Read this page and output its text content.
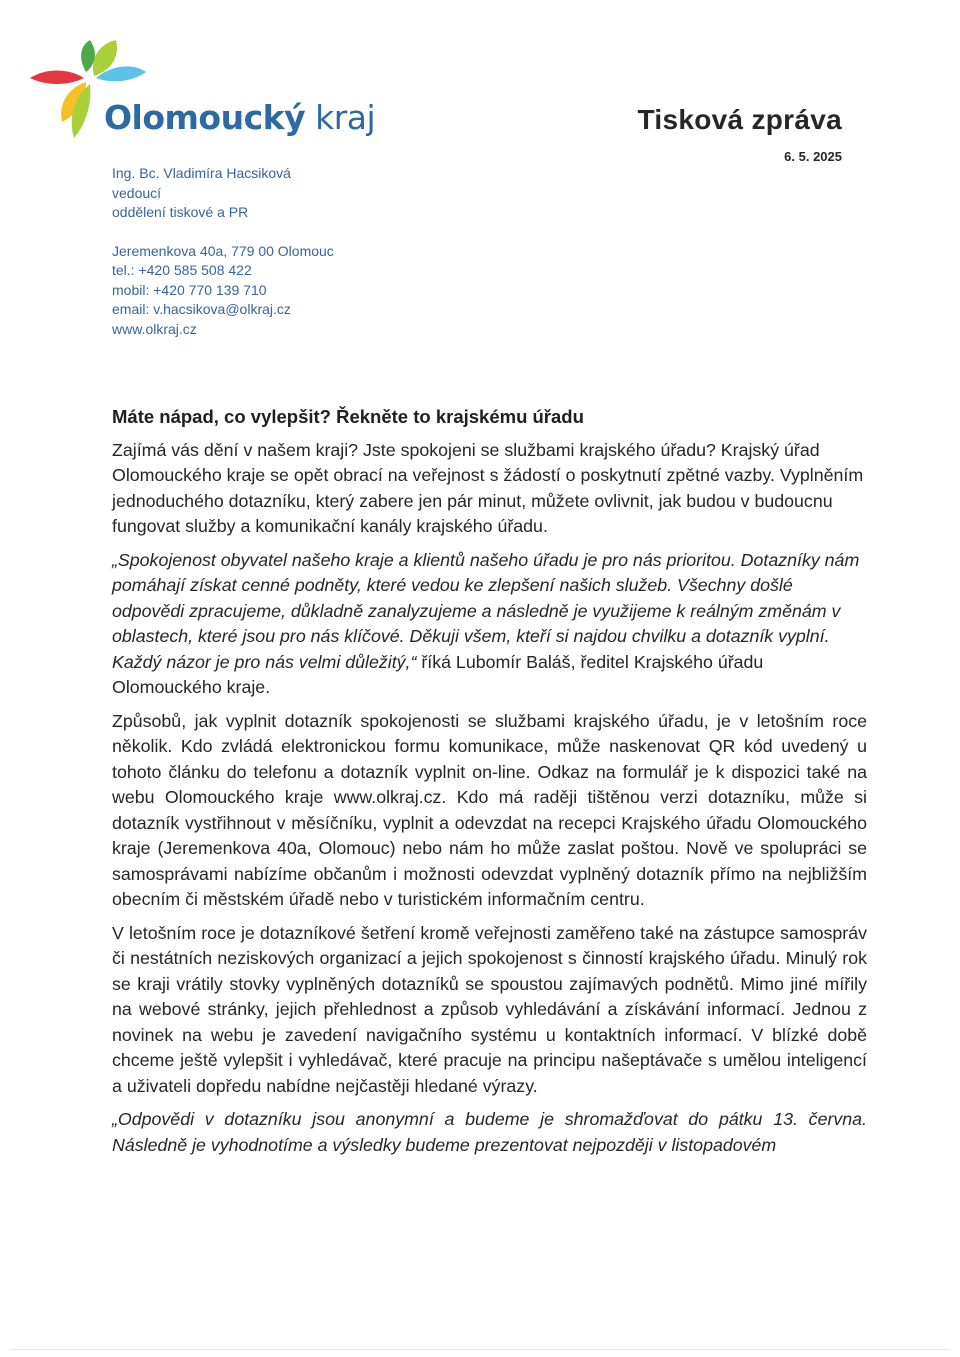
Olomoucký kraj	Tisková zpráva
6. 5. 2025
Ing. Bc. Vladimíra Hacsiková
vedoucí
oddělení tiskové a PR
Jeremenkova 40a, 779 00 Olomouc
tel.: +420 585 508 422
mobil: +420 770 139 710
email: v.hacsikova@olkraj.cz
www.olkraj.cz
Máte nápad, co vylepšit? Řekněte to krajskému úřadu

Zajímá vás dění v našem kraji? Jste spokojeni se službami krajského úřadu? Krajský úřad Olomouckého kraje se opět obrací na veřejnost s žádostí o poskytnutí zpětné vazby. Vyplněním jednoduchého dotazníku, který zabere jen pár minut, můžete ovlivnit, jak budou v budoucnu fungovat služby a komunikační kanály krajského úřadu.

„Spokojenost obyvatel našeho kraje a klientů našeho úřadu je pro nás prioritou. Dotazníky nám pomáhají získat cenné podněty, které vedou ke zlepšení našich služeb. Všechny došlé odpovědi zpracujeme, důkladně zanalyzujeme a následně je využijeme k reálným změnám v oblastech, které jsou pro nás klíčové. Děkuji všem, kteří si najdou chvilku a dotazník vyplní. Každý názor je pro nás velmi důležitý,“ říká Lubomír Baláš, ředitel Krajského úřadu Olomouckého kraje.

Způsobů, jak vyplnit dotazník spokojenosti se službami krajského úřadu, je v letošním roce několik. Kdo zvládá elektronickou formu komunikace, může naskenovat QR kód uvedený u tohoto článku do telefonu a dotazník vyplnit on-line. Odkaz na formulář je k dispozici také na webu Olomouckého kraje www.olkraj.cz. Kdo má raději tištěnou verzi dotazníku, může si dotazník vystřihnout v měsíčníku, vyplnit a odevzdat na recepci Krajského úřadu Olomouckého kraje (Jeremenkova 40a, Olomouc) nebo nám ho může zaslat poštou. Nově ve spolupráci se samosprávami nabízíme občanům i možnosti odevzdat vyplněný dotazník přímo na nejbližším obecním či městském úřadě nebo v turistickém informačním centru.

V letošním roce je dotazníkové šetření kromě veřejnosti zaměřeno také na zástupce samospráv či nestátních neziskových organizací a jejich spokojenost s činností krajského úřadu. Minulý rok se kraji vrátily stovky vyplněných dotazníků se spoustou zajímavých podnětů. Mimo jiné mířily na webové stránky, jejich přehlednost a způsob vyhledávání a získávání informací. Jednou z novinek na webu je zavedení navigačního systému u kontaktních informací. V blízké době chceme ještě vylepšit i vyhledávač, které pracuje na principu našeptávače s umělou inteligencí a uživateli dopředu nabídne nejčastěji hledané výrazy.

„Odpovědi v dotazníku jsou anonymní a budeme je shromažďovat do pátku 13. června. Následně je vyhodnotíme a výsledky budeme prezentovat nejpozději v listopadovém
